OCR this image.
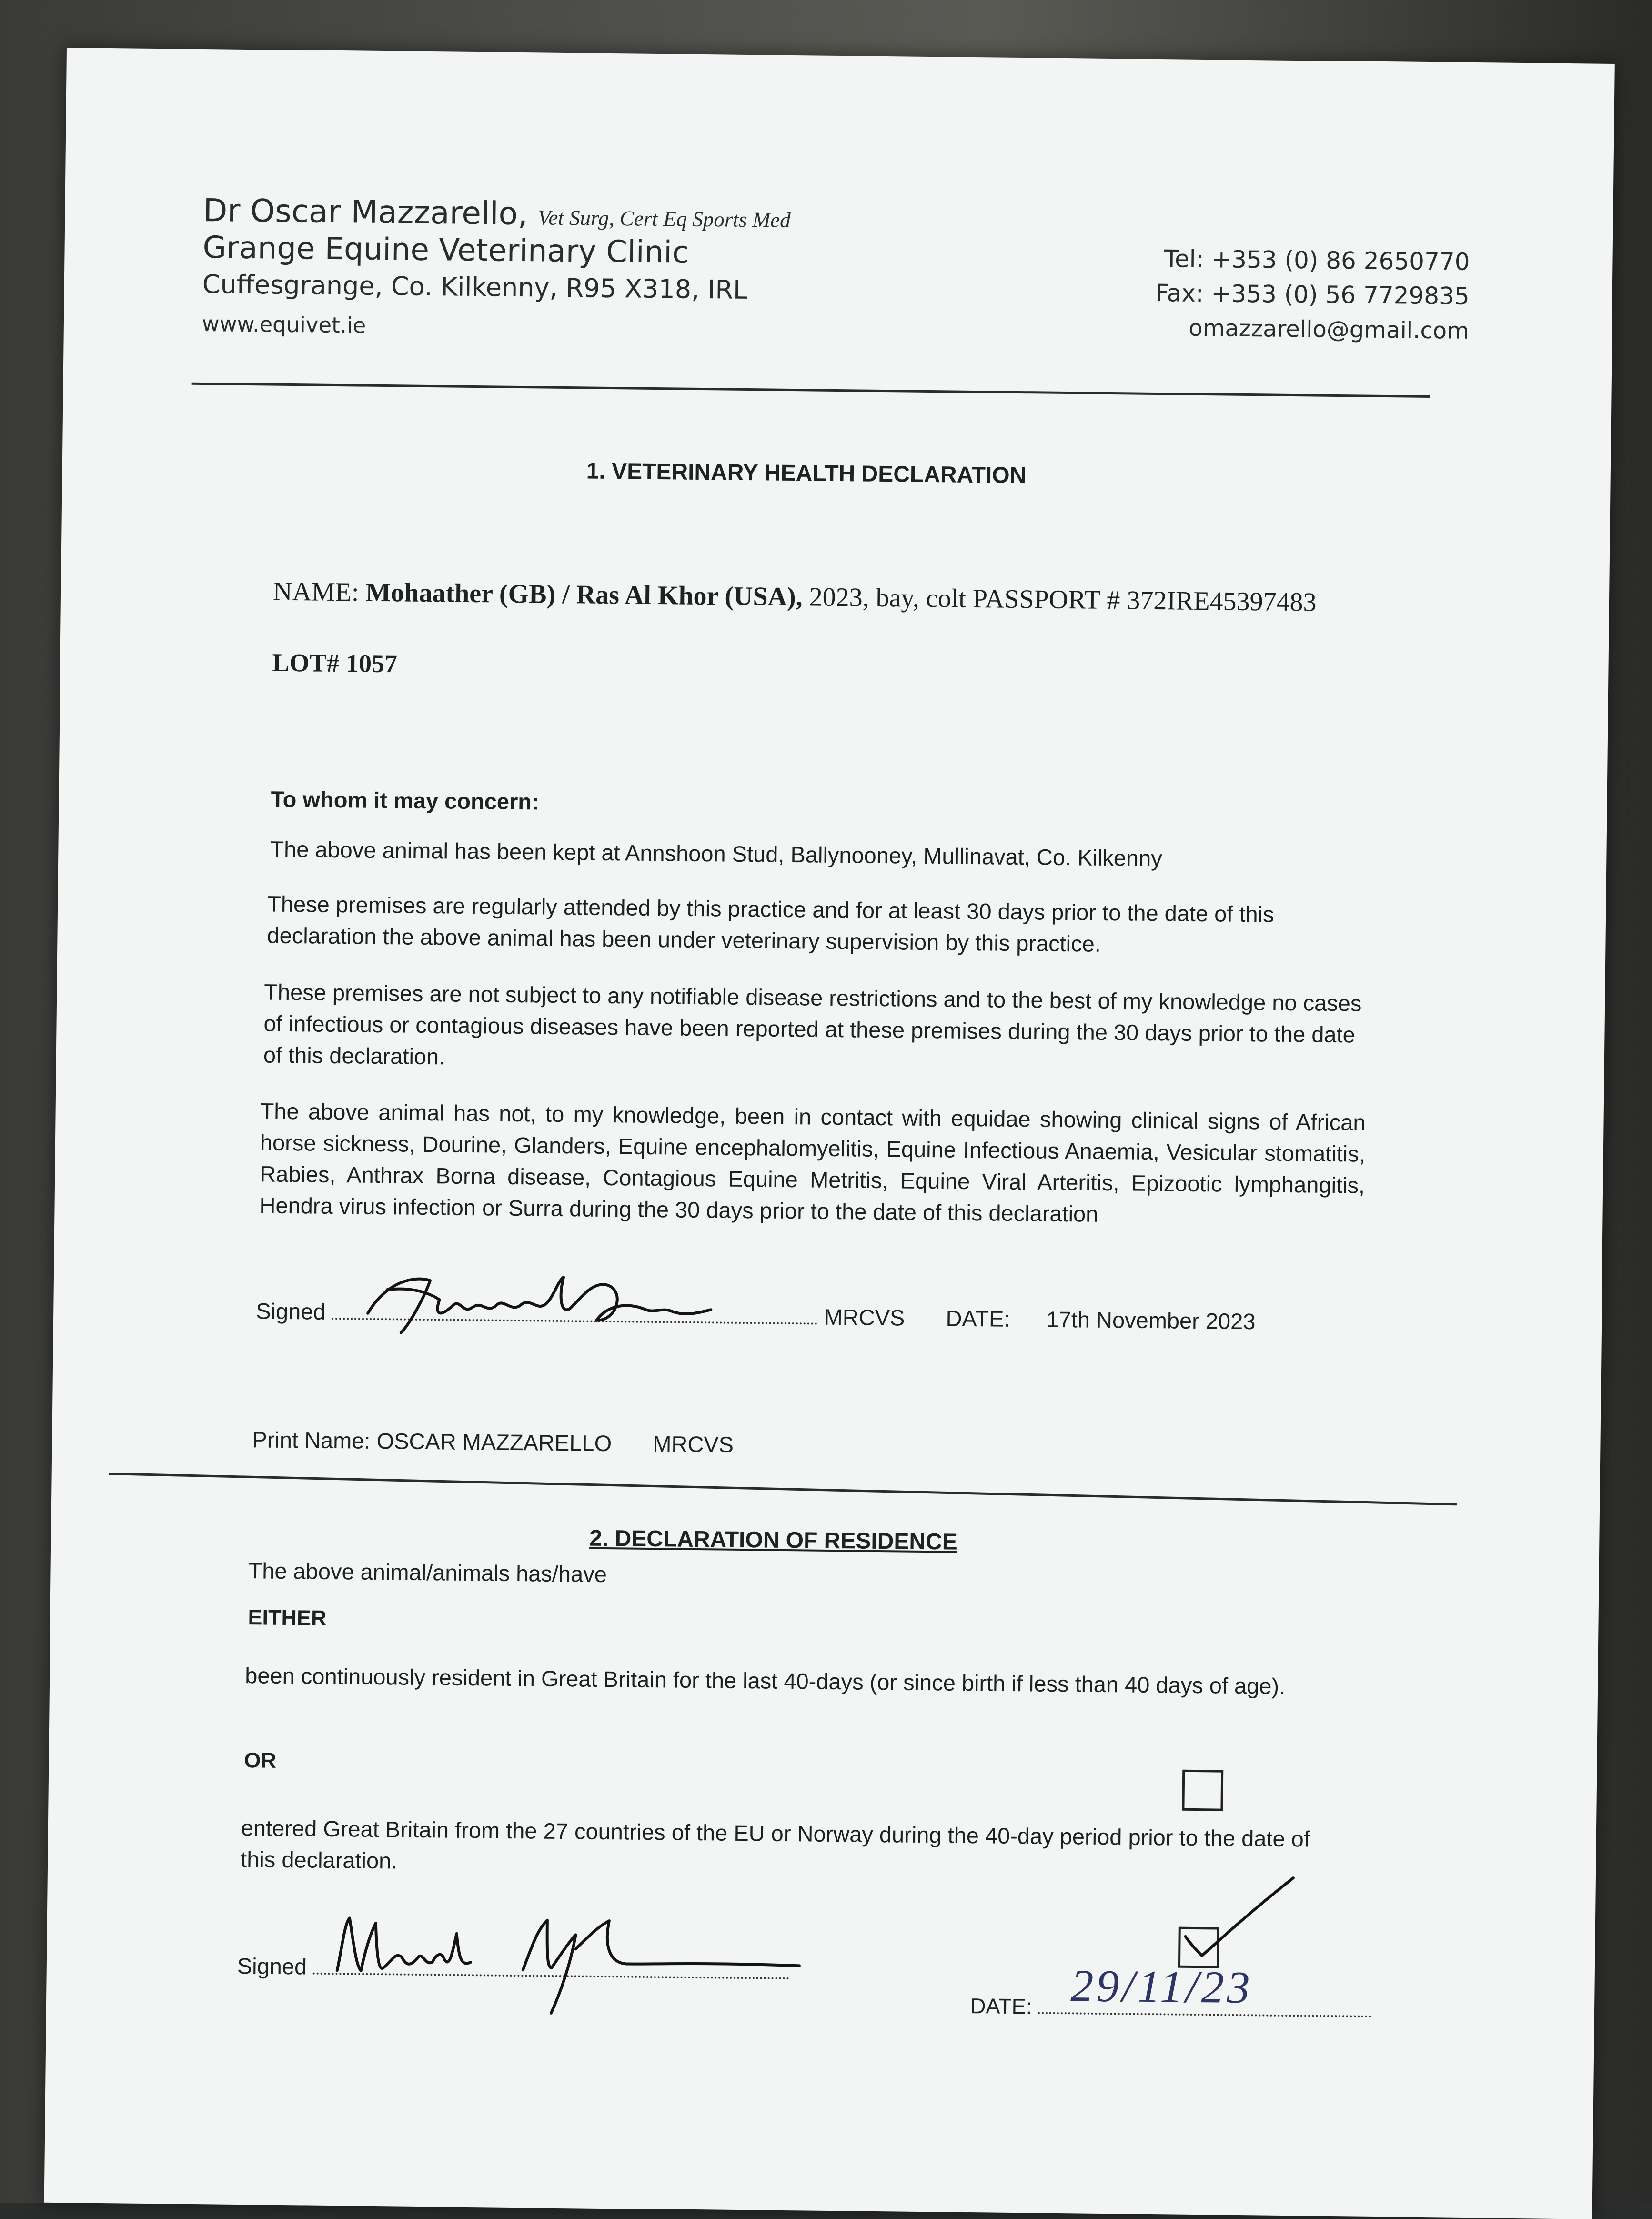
Dr Oscar Mazzarello, Vet Surg, Cert Eq Sports Med
Grange Equine Veterinary Clinic
Cuffesgrange, Co. Kilkenny, R95 X318, IRL
www.equivet.ie
Tel: +353 (0) 86 2650770
Fax: +353 (0) 56 7729835
omazzarello@gmail.com
1. VETERINARY HEALTH DECLARATION
NAME: Mohaather (GB) / Ras Al Khor (USA), 2023, bay, colt PASSPORT # 372IRE45397483
LOT# 1057
To whom it may concern:

The above animal has been kept at Annshoon Stud, Ballynooney, Mullinavat, Co. Kilkenny

These premises are regularly attended by this practice and for at least 30 days prior to the date of this declaration the above animal has been under veterinary supervision by this practice.

These premises are not subject to any notifiable disease restrictions and to the best of my knowledge no cases of infectious or contagious diseases have been reported at these premises during the 30 days prior to the date of this declaration.

The above animal has not, to my knowledge, been in contact with equidae showing clinical signs of African horse sickness, Dourine, Glanders, Equine encephalomyelitis, Equine Infectious Anaemia, Vesicular stomatitis, Rabies, Anthrax Borna disease, Contagious Equine Metritis, Equine Viral Arteritis, Epizootic lymphangitis, Hendra virus infection or Surra during the 30 days prior to the date of this declaration

Signed	MRCVS DATE: 17th November 2023
Print Name: OSCAR MAZZARELLO MRCVS
2. DECLARATION OF RESIDENCE
The above animal/animals has/have
EITHER

been continuously resident in Great Britain for the last 40-days (or since birth if less than 40 days of age).

OR

entered Great Britain from the 27 countries of the EU or Norway during the 40-day period prior to the date of this declaration.

Signed
DATE: 29/11/23
